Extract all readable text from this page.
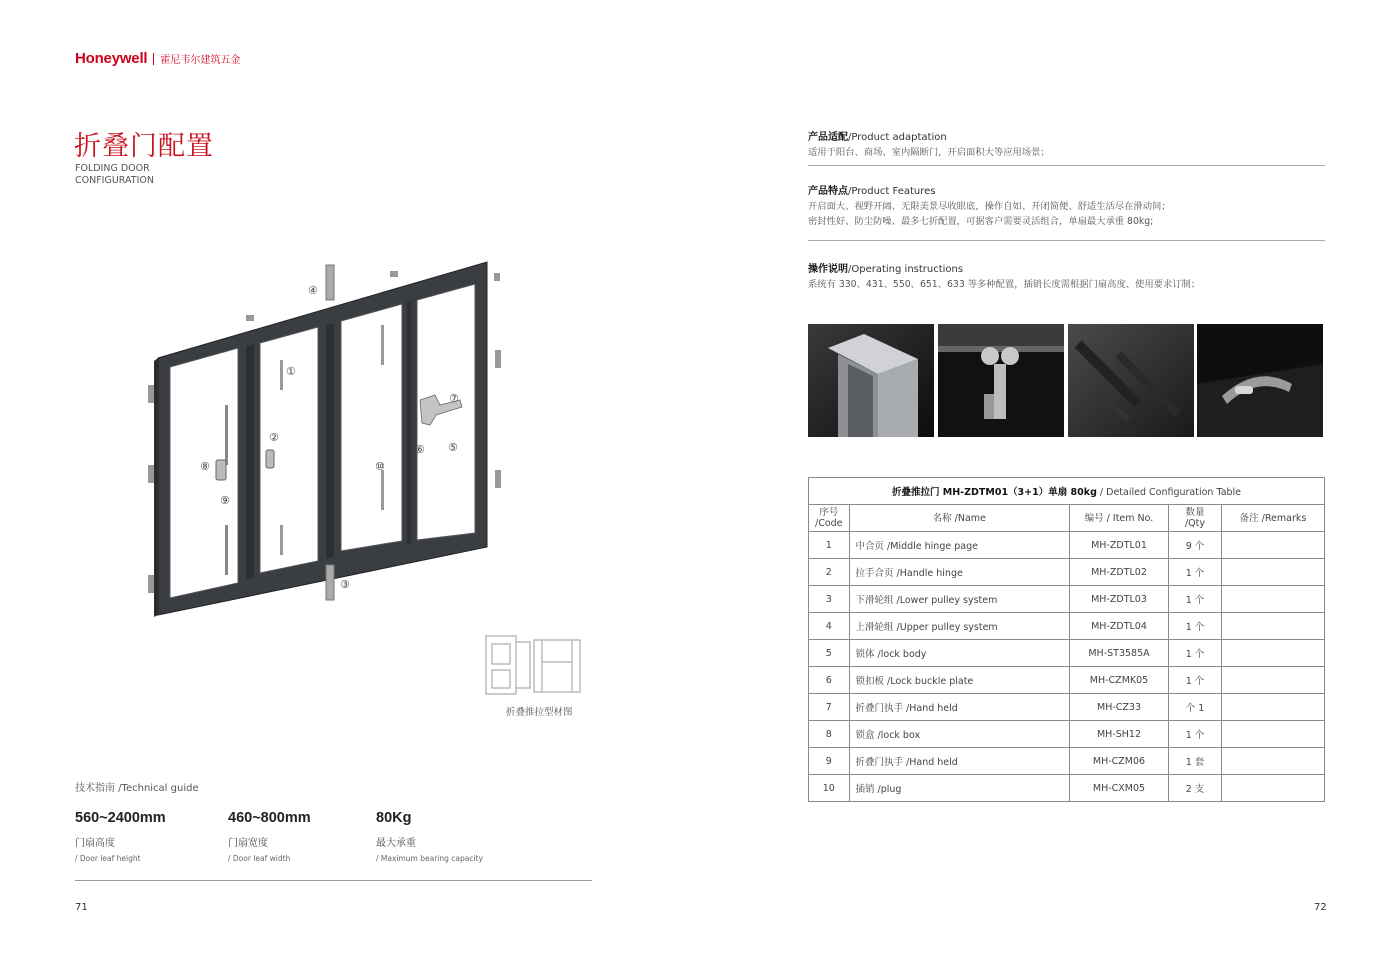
Honeywell 霍尼韦尔建筑五金
折叠门配置
FOLDING DOOR CONFIGURATION
①
②
③
④
⑤
⑥
⑦
⑧
⑨
⑩
折叠推拉型材图
技术指南 /Technical guide
560~2400mm
门扇高度
/ Door leaf height
460~800mm
门扇宽度
/ Door leaf width
80Kg
最大承重
/ Maximum bearing capacity
71	72
产品适配/Product adaptation
适用于阳台、商场、室内隔断门，开启面积大等应用场景；
产品特点/Product Features
开启面大、视野开阔、无限美景尽收眼底，操作自如、开闭简便、舒适生活尽在滑动间；
密封性好、防尘防噪、最多七折配置，可据客户需要灵活组合，单扇最大承重 80kg;
操作说明/Operating instructions
系统有 330、431、550、651、633 等多种配置，插销长度需根据门扇高度、使用要求订制；
折叠推拉门 MH-ZDTM01（3+1）单扇 80kg / Detailed Configuration Table				
序号 /Code	名称 /Name	编号 / Item No.	数量 /Qty	备注 /Remarks
1	中合页 /Middle hinge page	MH-ZDTL01	9 个	
2	拉手合页 /Handle hinge	MH-ZDTL02	1 个	
3	下滑轮组 /Lower pulley system	MH-ZDTL03	1 个	
4	上滑轮组 /Upper pulley system	MH-ZDTL04	1 个	
5	锁体 /lock body	MH-ST3585A	1 个	
6	锁扣板 /Lock buckle plate	MH-CZMK05	1 个	
7	折叠门执手 /Hand held	MH-CZ33	个 1	
8	锁盒 /lock box	MH-SH12	1 个	
9	折叠门执手 /Hand held	MH-CZM06	1 套	
10	插销 /plug	MH-CXM05	2 支	
